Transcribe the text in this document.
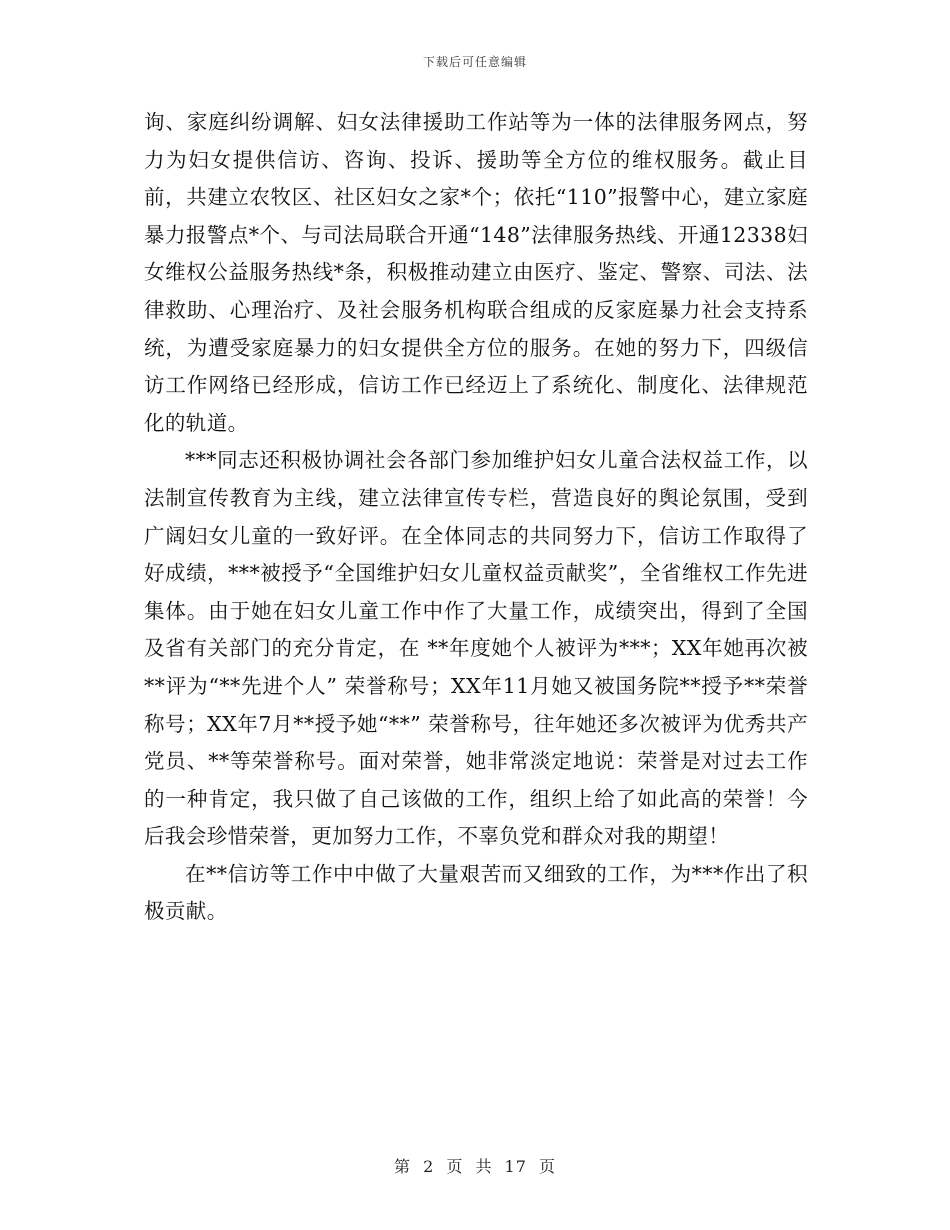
下载后可任意编辑

询、家庭纠纷调解、妇女法律援助工作站等为一体的法律服务网点，努力为妇女提供信访、咨询、投诉、援助等全方位的维权服务。截止目前，共建立农牧区、社区妇女之家*个；依托“110”报警中心，建立家庭暴力报警点*个、与司法局联合开通“148”法律服务热线、开通12338妇女维权公益服务热线*条，积极推动建立由医疗、鉴定、警察、司法、法律救助、心理治疗、及社会服务机构联合组成的反家庭暴力社会支持系统，为遭受家庭暴力的妇女提供全方位的服务。在她的努力下，四级信访工作网络已经形成，信访工作已经迈上了系统化、制度化、法律规范化的轨道。

***同志还积极协调社会各部门参加维护妇女儿童合法权益工作，以法制宣传教育为主线，建立法律宣传专栏，营造良好的舆论氛围，受到广阔妇女儿童的一致好评。在全体同志的共同努力下，信访工作取得了好成绩，***被授予“全国维护妇女儿童权益贡献奖”，全省维权工作先进集体。由于她在妇女儿童工作中作了大量工作，成绩突出，得到了全国及省有关部门的充分肯定，在 **年度她个人被评为***；XX年她再次被**评为“**先进个人” 荣誉称号；XX年11月她又被国务院**授予**荣誉称号；XX年7月**授予她“**” 荣誉称号，往年她还多次被评为优秀共产党员、**等荣誉称号。面对荣誉，她非常淡定地说：荣誉是对过去工作的一种肯定，我只做了自己该做的工作，组织上给了如此高的荣誉！今后我会珍惜荣誉，更加努力工作，不辜负党和群众对我的期望！

在**信访等工作中中做了大量艰苦而又细致的工作，为***作出了积极贡献。

第 2 页 共 17 页
